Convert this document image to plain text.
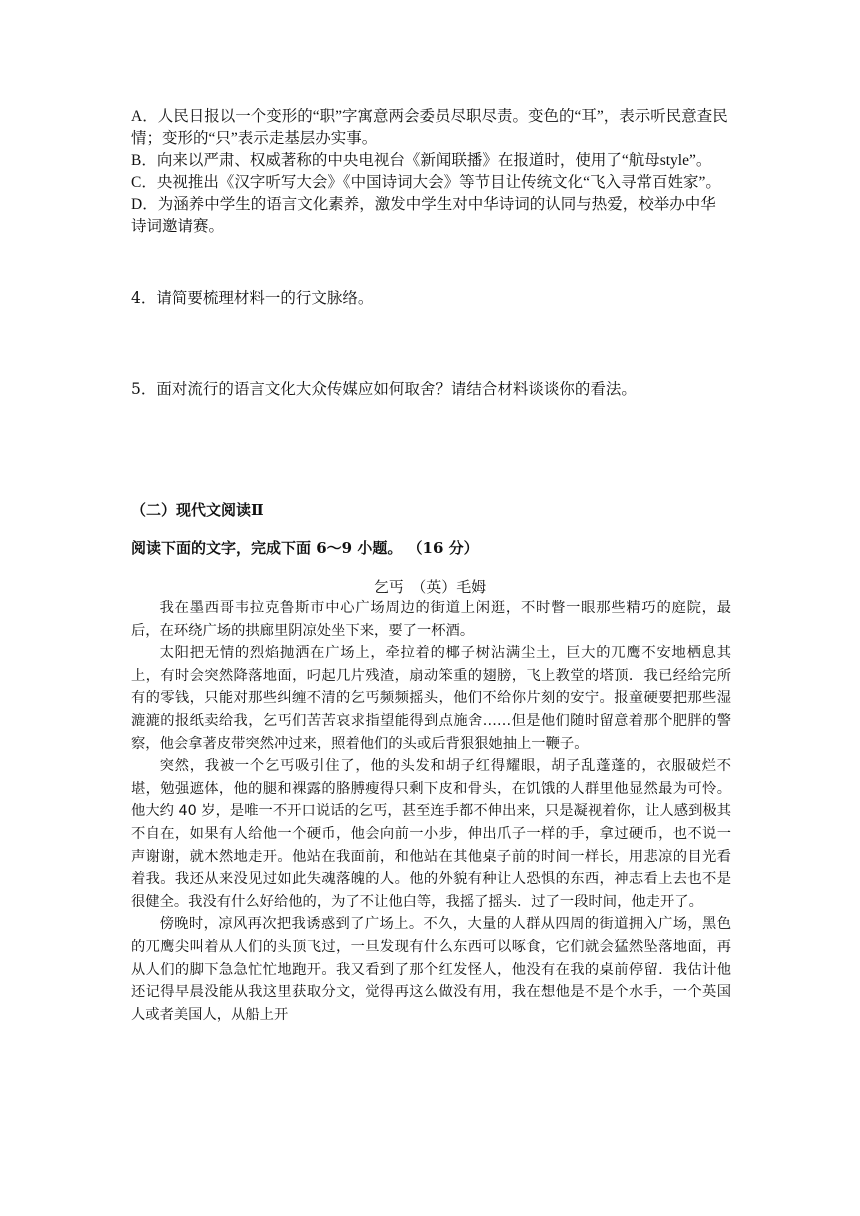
A．人民日报以一个变形的“职”字寓意两会委员尽职尽责。变色的“耳”，表示听民意查民情；变形的“只”表示走基层办实事。

B．向来以严肃、权威著称的中央电视台《新闻联播》在报道时，使用了“航母style”。

C．央视推出《汉字听写大会》《中国诗词大会》等节目让传统文化“飞入寻常百姓家”。

D．为涵养中学生的语言文化素养，激发中学生对中华诗词的认同与热爱，校举办中华诗词邀请赛。

4．请简要梳理材料一的行文脉络。
5．面对流行的语言文化大众传媒应如何取舍？请结合材料谈谈你的看法。
（二）现代文阅读Ⅱ
阅读下面的文字，完成下面 6～9 小题。 （16 分）
乞丐　（英）毛姆

我在墨西哥韦拉克鲁斯市中心广场周边的街道上闲逛，不时瞥一眼那些精巧的庭院，最后，在环绕广场的拱廊里阴凉处坐下来，要了一杯酒。

太阳把无情的烈焰抛洒在广场上，牵拉着的椰子树沾满尘土，巨大的兀鹰不安地栖息其上，有时会突然降落地面，叼起几片残渣，扇动笨重的翅膀，飞上教堂的塔顶．我已经给完所有的零钱，只能对那些纠缠不清的乞丐频频摇头，他们不给你片刻的安宁。报童硬要把那些湿漉漉的报纸卖给我，乞丐们苦苦哀求指望能得到点施舍……但是他们随时留意着那个肥胖的警察，他会拿著皮带突然冲过来，照着他们的头或后背狠狠她抽上一鞭子。

突然，我被一个乞丐吸引住了，他的头发和胡子红得耀眼，胡子乱蓬蓬的，衣服破烂不堪，勉强遮体，他的腿和裸露的胳膊瘦得只剩下皮和骨头，在饥饿的人群里他显然最为可怜。他大约 40 岁，是唯一不开口说话的乞丐，甚至连手都不伸出来，只是凝视着你，让人感到极其不自在，如果有人给他一个硬币，他会向前一小步，伸出爪子一样的手，拿过硬币，也不说一声谢谢，就木然地走开。他站在我面前，和他站在其他桌子前的时间一样长，用悲凉的目光看着我。我还从来没见过如此失魂落魄的人。他的外貌有种让人恐惧的东西，神志看上去也不是很健全。我没有什么好给他的，为了不让他白等，我摇了摇头．过了一段时间，他走开了。

傍晚时，凉风再次把我诱惑到了广场上。不久，大量的人群从四周的街道拥入广场，黑色的兀鹰尖叫着从人们的头顶飞过，一旦发现有什么东西可以啄食，它们就会猛然坠落地面，再从人们的脚下急急忙忙地跑开。我又看到了那个红发怪人，他没有在我的桌前停留．我估计他还记得早晨没能从我这里获取分文，觉得再这么做没有用，我在想他是不是个水手，一个英国人或者美国人，从船上开
